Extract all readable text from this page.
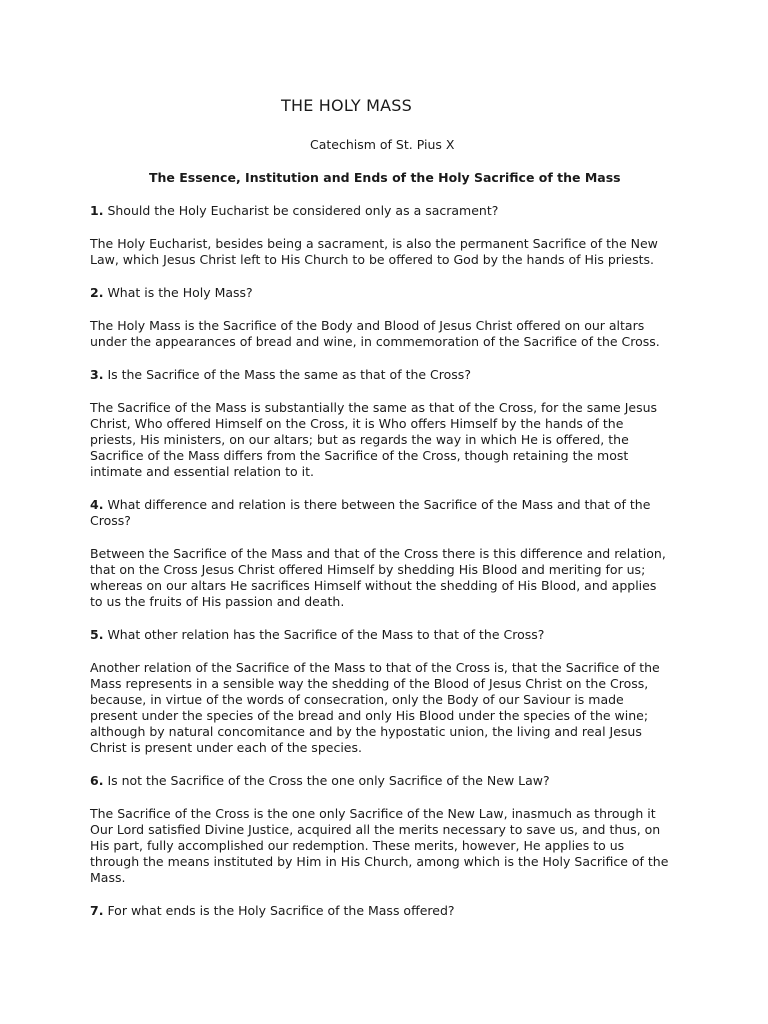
THE HOLY MASS
Catechism of St. Pius X
The Essence, Institution and Ends of the Holy Sacrifice of the Mass
1. Should the Holy Eucharist be considered only as a sacrament?
The Holy Eucharist, besides being a sacrament, is also the permanent Sacrifice of the New
Law, which Jesus Christ left to His Church to be offered to God by the hands of His priests.
2. What is the Holy Mass?
The Holy Mass is the Sacrifice of the Body and Blood of Jesus Christ offered on our altars
under the appearances of bread and wine, in commemoration of the Sacrifice of the Cross.
3. Is the Sacrifice of the Mass the same as that of the Cross?
The Sacrifice of the Mass is substantially the same as that of the Cross, for the same Jesus
Christ, Who offered Himself on the Cross, it is Who offers Himself by the hands of the
priests, His ministers, on our altars; but as regards the way in which He is offered, the
Sacrifice of the Mass differs from the Sacrifice of the Cross, though retaining the most
intimate and essential relation to it.
4. What difference and relation is there between the Sacrifice of the Mass and that of the
Cross?
Between the Sacrifice of the Mass and that of the Cross there is this difference and relation,
that on the Cross Jesus Christ offered Himself by shedding His Blood and meriting for us;
whereas on our altars He sacrifices Himself without the shedding of His Blood, and applies
to us the fruits of His passion and death.
5. What other relation has the Sacrifice of the Mass to that of the Cross?
Another relation of the Sacrifice of the Mass to that of the Cross is, that the Sacrifice of the
Mass represents in a sensible way the shedding of the Blood of Jesus Christ on the Cross,
because, in virtue of the words of consecration, only the Body of our Saviour is made
present under the species of the bread and only His Blood under the species of the wine;
although by natural concomitance and by the hypostatic union, the living and real Jesus
Christ is present under each of the species.
6. Is not the Sacrifice of the Cross the one only Sacrifice of the New Law?
The Sacrifice of the Cross is the one only Sacrifice of the New Law, inasmuch as through it
Our Lord satisfied Divine Justice, acquired all the merits necessary to save us, and thus, on
His part, fully accomplished our redemption. These merits, however, He applies to us
through the means instituted by Him in His Church, among which is the Holy Sacrifice of the
Mass.
7. For what ends is the Holy Sacrifice of the Mass offered?
